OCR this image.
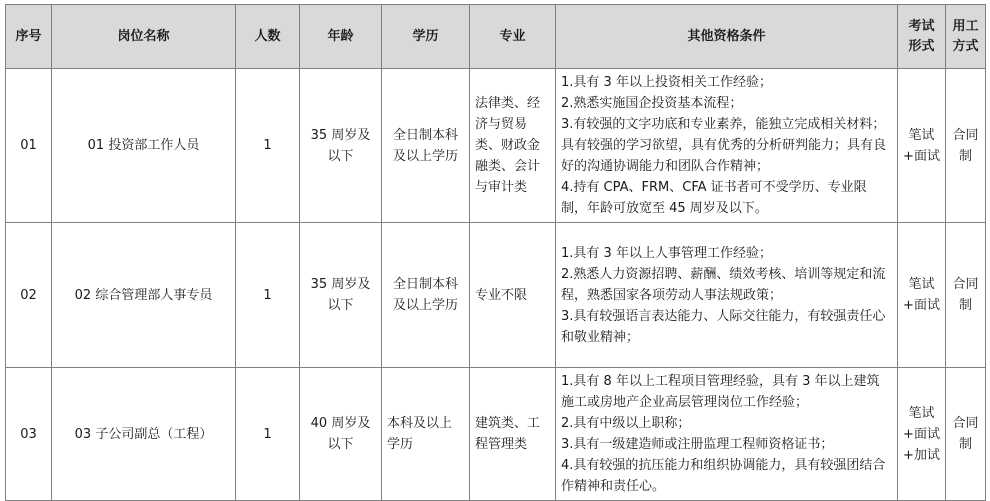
序号	岗位名称	人数	年龄	学历	专业	其他资格条件	考试形式	用工方式
01	01 投资部工作人员	1	35 周岁及以下	全日制本科及以上学历	法律类、经济与贸易类、财政金融类、会计与审计类	1.具有 3 年以上投资相关工作经验；
2.熟悉实施国企投资基本流程；
3.有较强的文字功底和专业素养，能独立完成相关材料；具有较强的学习欲望，具有优秀的分析研判能力；具有良好的沟通协调能力和团队合作精神；
4.持有 CPA、FRM、CFA 证书者可不受学历、专业限制，年龄可放宽至 45 周岁及以下。	笔试+面试	合同制
02	02 综合管理部人事专员	1	35 周岁及以下	全日制本科及以上学历	专业不限	1.具有 3 年以上人事管理工作经验；
2.熟悉人力资源招聘、薪酬、绩效考核、培训等规定和流程，熟悉国家各项劳动人事法规政策；
3.具有较强语言表达能力、人际交往能力，有较强责任心和敬业精神；	笔试+面试	合同制
03	03 子公司副总（工程）	1	40 周岁及以下	本科及以上学历	建筑类、工程管理类	1.具有 8 年以上工程项目管理经验，具有 3 年以上建筑施工或房地产企业高层管理岗位工作经验；
2.具有中级以上职称；
3.具有一级建造师或注册监理工程师资格证书；
4.具有较强的抗压能力和组织协调能力，具有较强团结合作精神和责任心。	笔试+面试+加试	合同制
